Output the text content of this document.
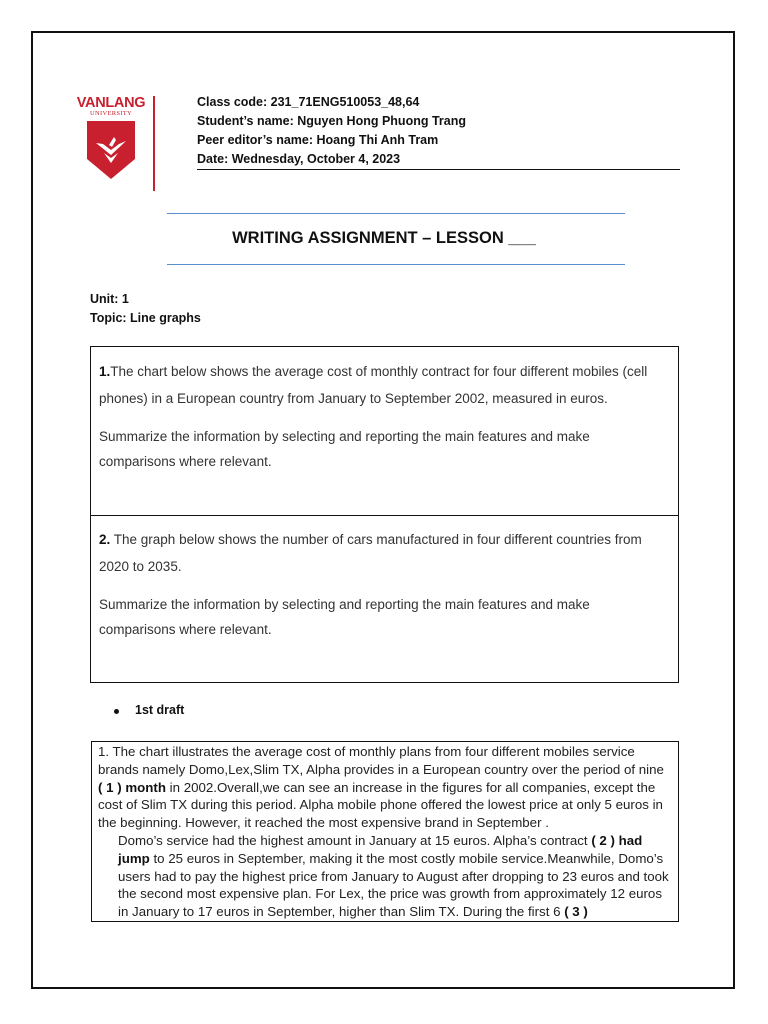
VANLANG
UNIVERSITY
Class code: 231_71ENG510053_48,64
Student’s name: Nguyen Hong Phuong Trang
Peer editor’s name: Hoang Thi Anh Tram
Date: Wednesday, October 4, 2023
WRITING ASSIGNMENT – LESSON ___
Unit: 1
Topic: Line graphs

1.The chart below shows the average cost of monthly contract for four different mobiles (cell phones) in a European country from January to September 2002, measured in euros.

Summarize the information by selecting and reporting the main features and make comparisons where relevant.

2. The graph below shows the number of cars manufactured in four different countries from 2020 to 2035.

Summarize the information by selecting and reporting the main features and make comparisons where relevant.

1st draft

1. The chart illustrates the average cost of monthly plans from four different mobiles service brands namely Domo,Lex,Slim TX, Alpha provides in a European country over the period of nine ( 1 ) month in 2002.Overall,we can see an increase in the figures for all companies, except the cost of Slim TX during this period. Alpha mobile phone offered the lowest price at only 5 euros in the beginning. However, it reached the most expensive brand in September .

Domo’s service had the highest amount in January at 15 euros. Alpha’s contract ( 2 ) had jump to 25 euros in September, making it the most costly mobile service.Meanwhile, Domo’s users had to pay the highest price from January to August after dropping to 23 euros and took the second most expensive plan. For Lex, the price was growth from approximately 12 euros in January to 17 euros in September, higher than Slim TX. During the first 6 ( 3 )
